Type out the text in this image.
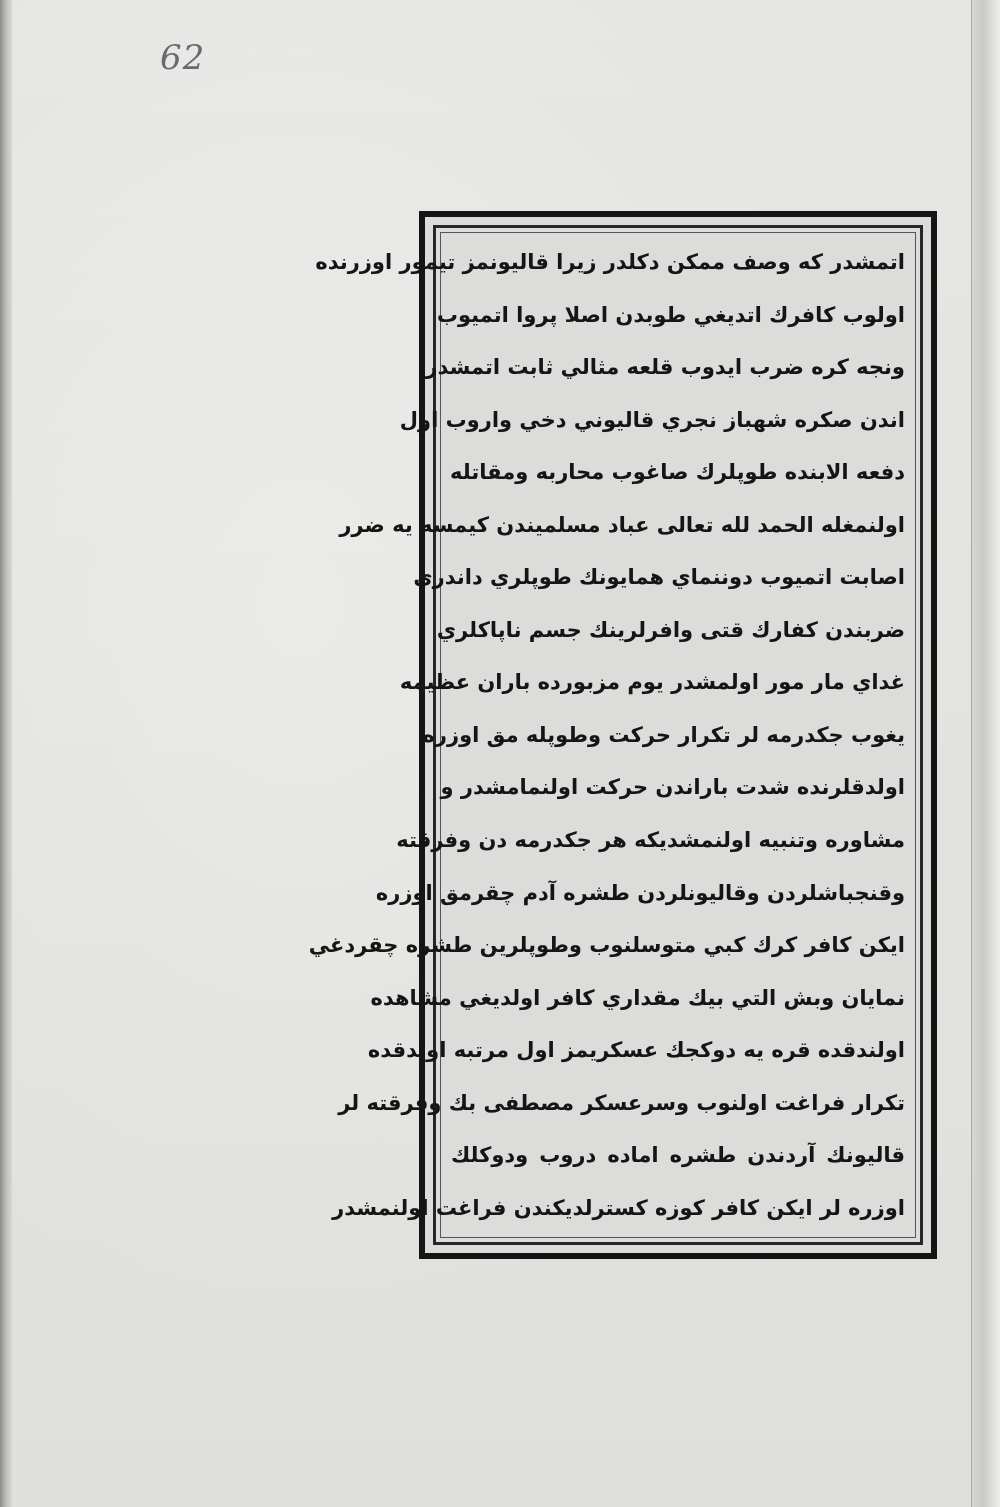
62
اتمشدر كه وصف ممكن دكلدر زيرا قاليونمز تيمور اوزرنده
اولوب كافرك اتديغي طوبدن اصلا پروا اتميوب
ونجه كره ضرب ايدوب قلعه مثالي ثابت اتمشدر
اندن صكره شهباز نجري قاليوني دخي واروب اول
دفعه الابنده طوپلرك صاغوب محاربه ومقاتله
اولنمغله الحمد لله تعالى عباد مسلميندن كيمسه يه ضرر
اصابت اتميوب دوننماي همايونك طوپلري داندري
ضربندن كفارك قتى وافرلرينك جسم ناپاكلري
غداي مار مور اولمشدر يوم مزبورده باران عظيمه
يغوب جكدرمه لر تكرار حركت وطوپله مق اوزره
اولدقلرنده شدت باراندن حركت اولنمامشدر و
مشاوره وتنبيه اولنمشديكه هر جكدرمه دن وفرقته
وقنجباشلردن وقاليونلردن طشره آدم چقرمق اوزره
ايكن كافر كرك كبي متوسلنوب وطوپلرين طشره چقردغي
نمايان وبش التي بيك مقداري كافر اولديغي مشاهده
اولندقده قره يه دوكجك عسكريمز اول مرتبه اولدقده
تكرار فراغت اولنوب وسرعسكر مصطفى بك وفرقته لر
قاليونك آردندن طشره اماده دروب ودوكلك
اوزره لر ايكن كافر كوزه كسترلديكندن فراغت اولنمشدر
